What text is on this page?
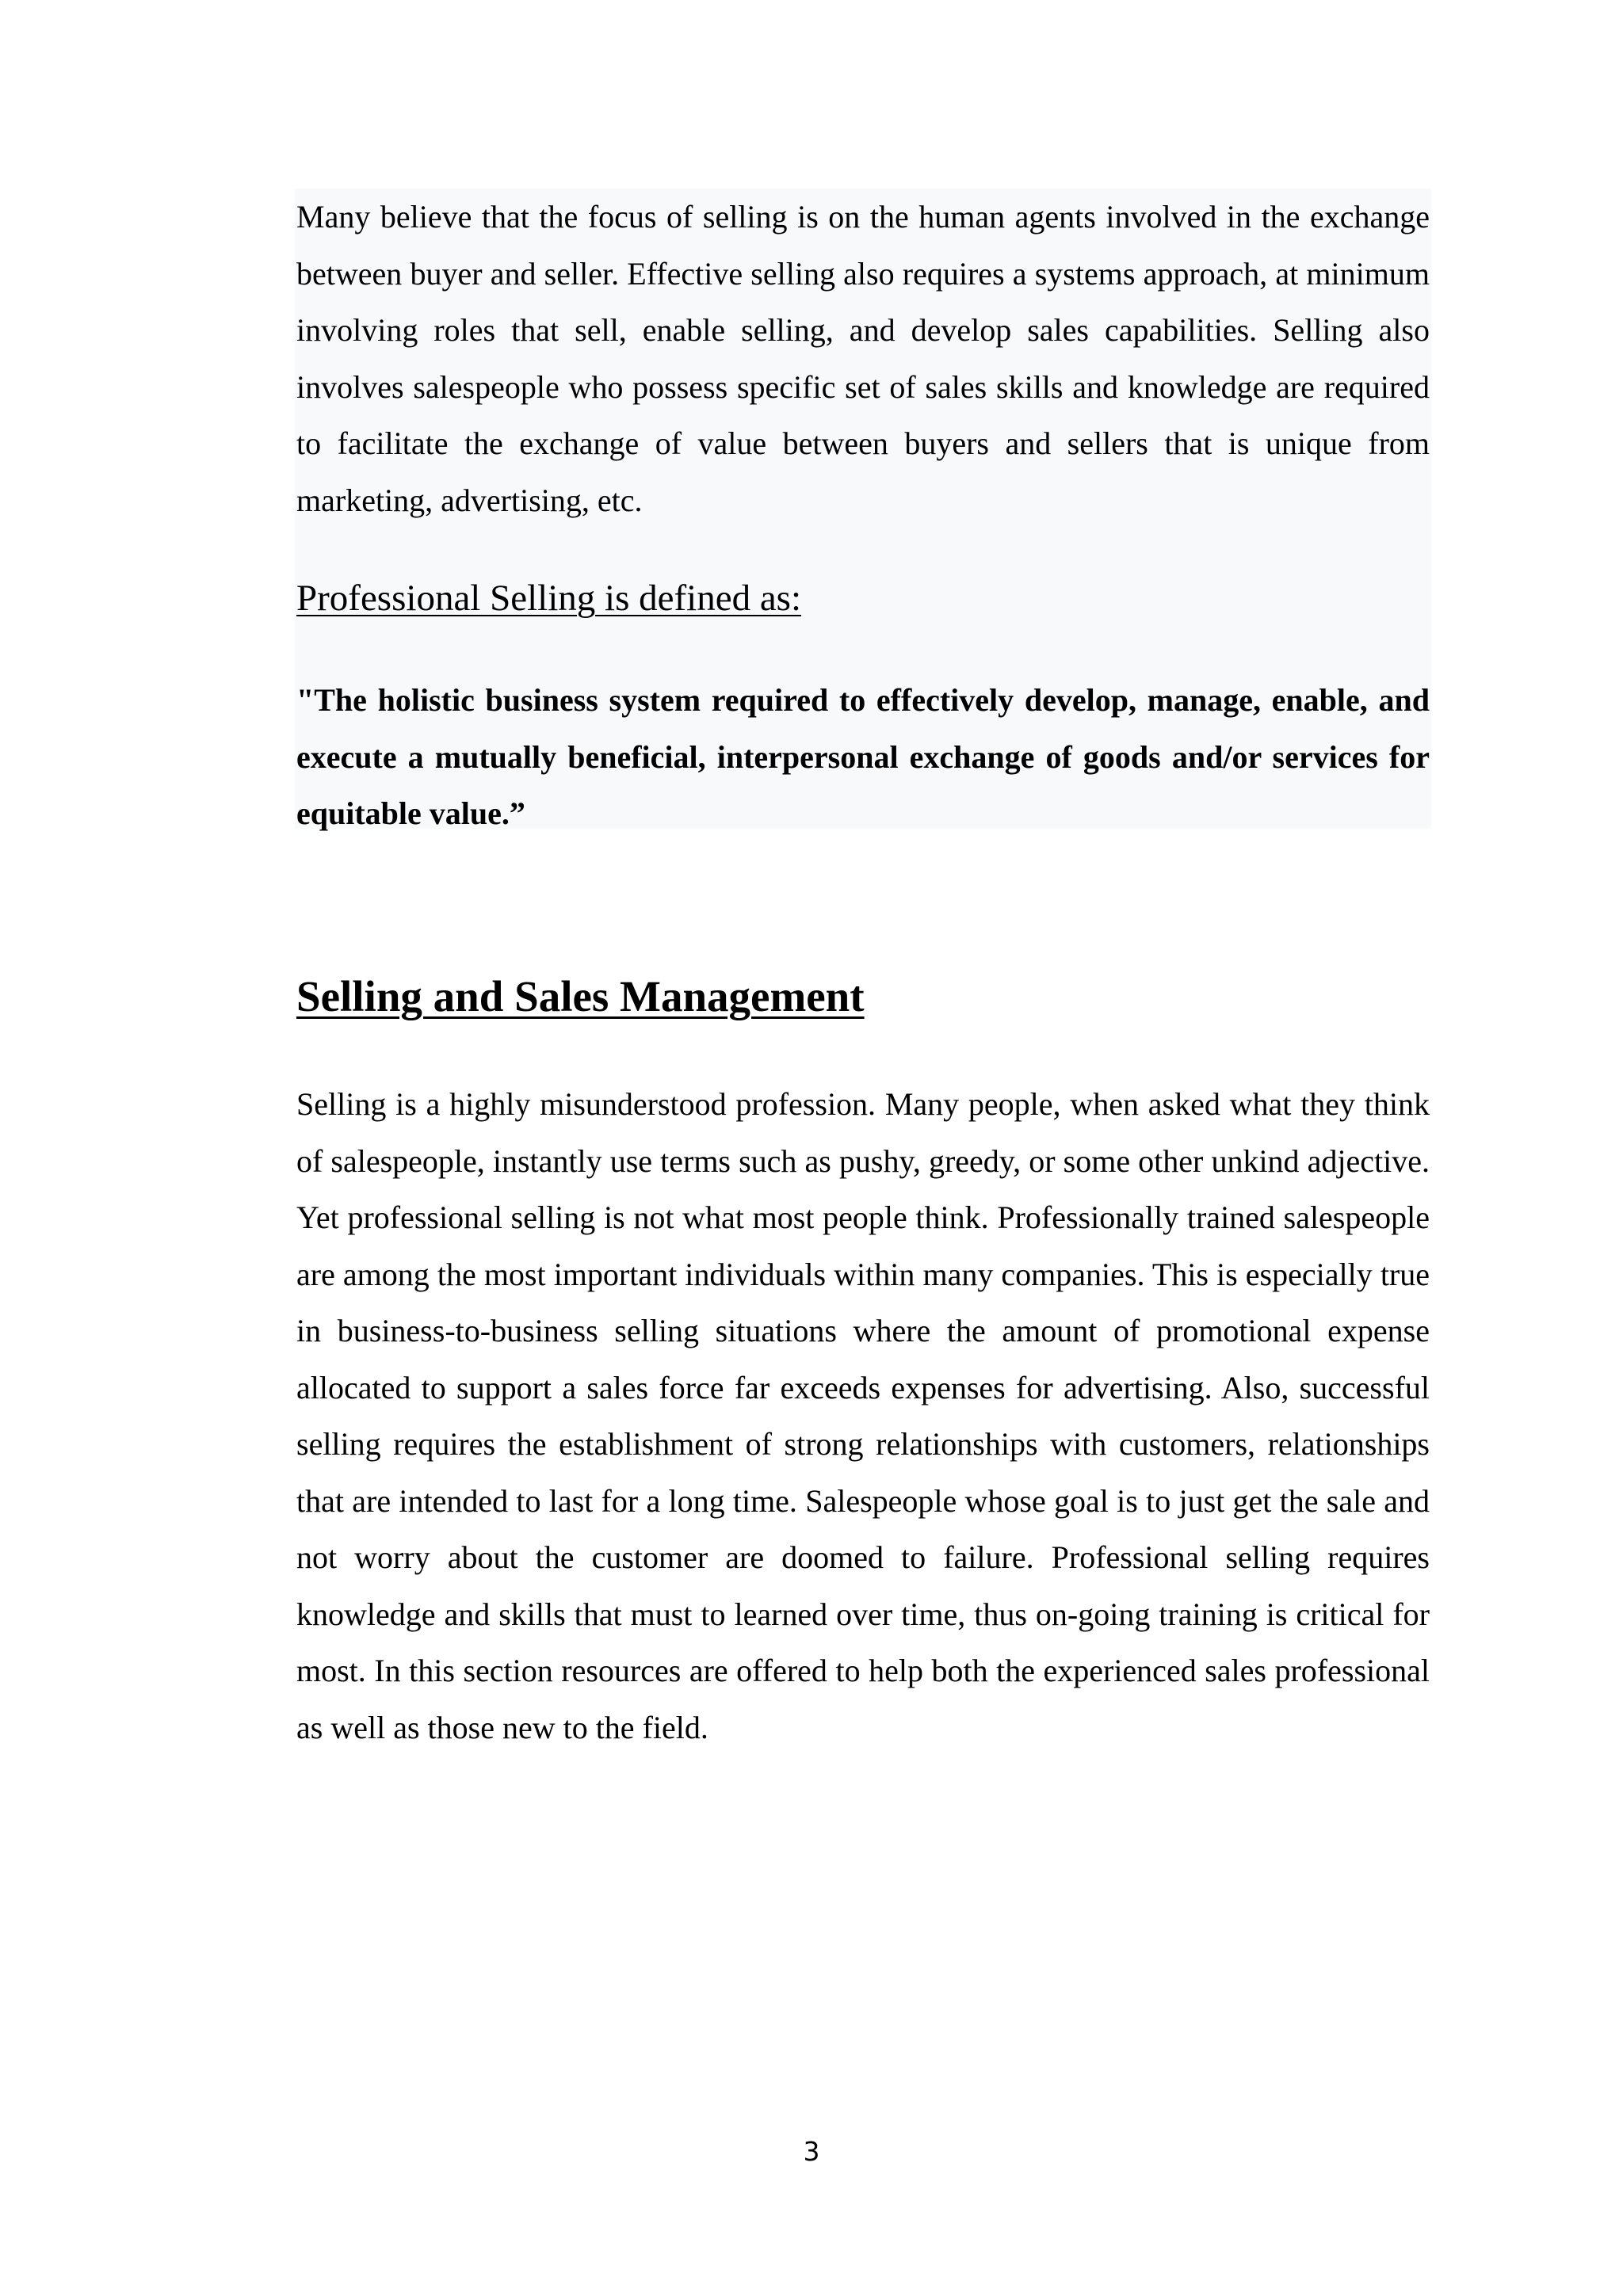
Many believe that the focus of selling is on the human agents involved in the exchange between buyer and seller. Effective selling also requires a systems approach, at minimum involving roles that sell, enable selling, and develop sales capabilities. Selling also involves salespeople who possess specific set of sales skills and knowledge are required to facilitate the exchange of value between buyers and sellers that is unique from marketing, advertising, etc.

Professional Selling is defined as:

"The holistic business system required to effectively develop, manage, enable, and execute a mutually beneficial, interpersonal exchange of goods and/or services for equitable value.”

Selling and Sales Management

Selling is a highly misunderstood profession. Many people, when asked what they think of salespeople, instantly use terms such as pushy, greedy, or some other unkind adjective. Yet professional selling is not what most people think. Professionally trained salespeople are among the most important individuals within many companies. This is especially true in business-to-business selling situations where the amount of promotional expense allocated to support a sales force far exceeds expenses for advertising. Also, successful selling requires the establishment of strong relationships with customers, relationships that are intended to last for a long time. Salespeople whose goal is to just get the sale and not worry about the customer are doomed to failure. Professional selling requires knowledge and skills that must to learned over time, thus on-going training is critical for most. In this section resources are offered to help both the experienced sales professional as well as those new to the field.

3
